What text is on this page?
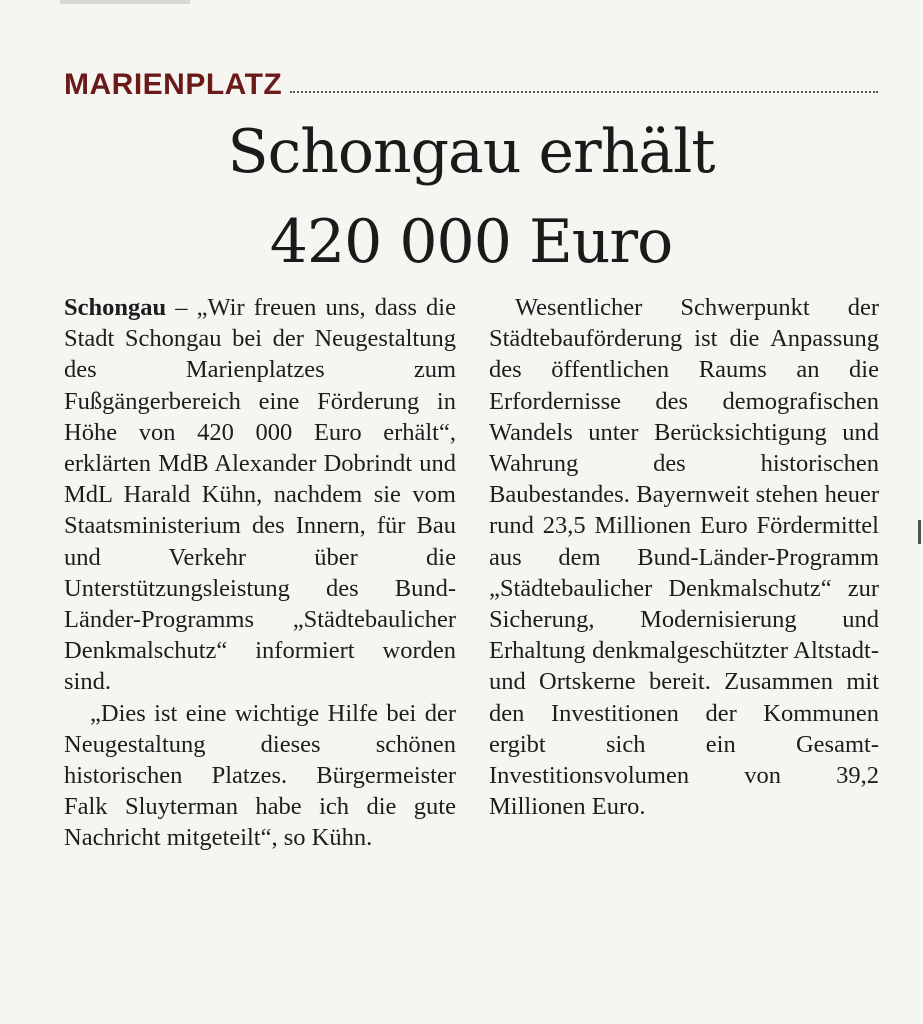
MARIENPLATZ
Schongau erhält
420 000 Euro

Schongau – „Wir freuen uns, dass die Stadt Schongau bei der Neugestaltung des Marienplatzes zum Fußgängerbereich eine Förderung in Höhe von 420 000 Euro erhält“, erklärten MdB Alexander Dobrindt und MdL Harald Kühn, nachdem sie vom Staatsministerium des Innern, für Bau und Verkehr über die Unterstützungsleistung des Bund-Länder-Programms „Städtebaulicher Denkmalschutz“ informiert worden sind.

„Dies ist eine wichtige Hilfe bei der Neugestaltung dieses schönen historischen Platzes. Bürgermeister Falk Sluyterman habe ich die gute Nachricht mitgeteilt“, so Kühn.

Wesentlicher Schwerpunkt der Städtebauförderung ist die Anpassung des öffentlichen Raums an die Erfordernisse des demografischen Wandels unter Berücksichtigung und Wahrung des historischen Baubestandes. Bayernweit stehen heuer rund 23,5 Millionen Euro Fördermittel aus dem Bund-Länder-Programm „Städtebaulicher Denkmalschutz“ zur Sicherung, Modernisierung und Erhaltung denkmalgeschützter Altstadt- und Ortskerne bereit. Zusammen mit den Investitionen der Kommunen ergibt sich ein Gesamt-Investitionsvolumen von 39,2 Millionen Euro.
